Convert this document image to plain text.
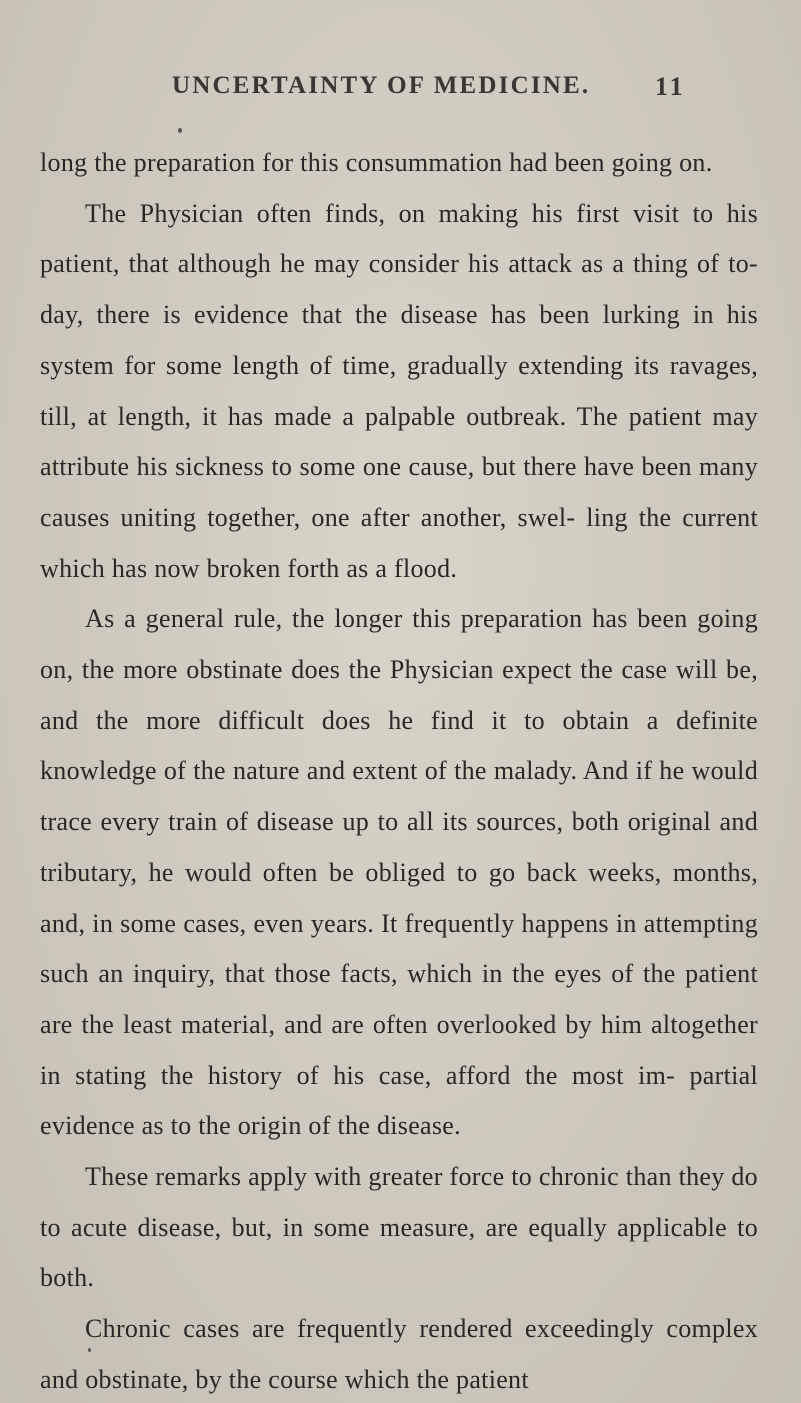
UNCERTAINTY OF MEDICINE. 11

long the preparation for this consummation had been going on.

The Physician often finds, on making his first visit to his patient, that although he may consider his attack as a thing of to-day, there is evidence that the disease has been lurking in his system for some length of time, gradually extending its ravages, till, at length, it has made a palpable outbreak. The patient may attribute his sickness to some one cause, but there have been many causes uniting together, one after another, swel- ling the current which has now broken forth as a flood.

As a general rule, the longer this preparation has been going on, the more obstinate does the Physician expect the case will be, and the more difficult does he find it to obtain a definite knowledge of the nature and extent of the malady. And if he would trace every train of disease up to all its sources, both original and tributary, he would often be obliged to go back weeks, months, and, in some cases, even years. It frequently happens in attempting such an inquiry, that those facts, which in the eyes of the patient are the least material, and are often overlooked by him altogether in stating the history of his case, afford the most im- partial evidence as to the origin of the disease.

These remarks apply with greater force to chronic than they do to acute disease, but, in some measure, are equally applicable to both.

Chronic cases are frequently rendered exceedingly complex and obstinate, by the course which the patient
